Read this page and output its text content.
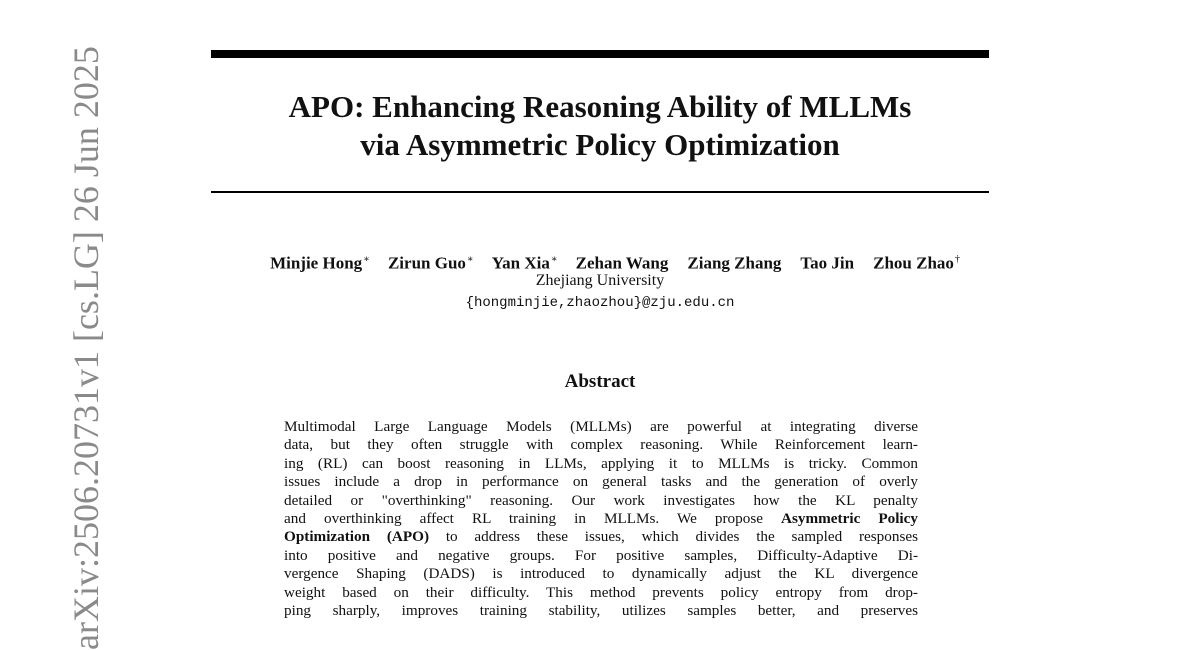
APO: Enhancing Reasoning Ability of MLLMs
via Asymmetric Policy Optimization
Minjie Hong∗ Zirun Guo∗ Yan Xia∗ Zehan Wang Ziang Zhang Tao Jin Zhou Zhao†
Zhejiang University
{hongminjie,zhaozhou}@zju.edu.cn
Abstract
Multimodal Large Language Models (MLLMs) are powerful at integrating diverse
data, but they often struggle with complex reasoning. While Reinforcement learn-
ing (RL) can boost reasoning in LLMs, applying it to MLLMs is tricky. Common
issues include a drop in performance on general tasks and the generation of overly
detailed or "overthinking" reasoning. Our work investigates how the KL penalty
and overthinking affect RL training in MLLMs. We propose Asymmetric Policy
Optimization (APO) to address these issues, which divides the sampled responses
into positive and negative groups. For positive samples, Difficulty-Adaptive Di-
vergence Shaping (DADS) is introduced to dynamically adjust the KL divergence
weight based on their difficulty. This method prevents policy entropy from drop-
ping sharply, improves training stability, utilizes samples better, and preserves
arXiv:2506.20731v1 [cs.LG] 26 Jun 2025
